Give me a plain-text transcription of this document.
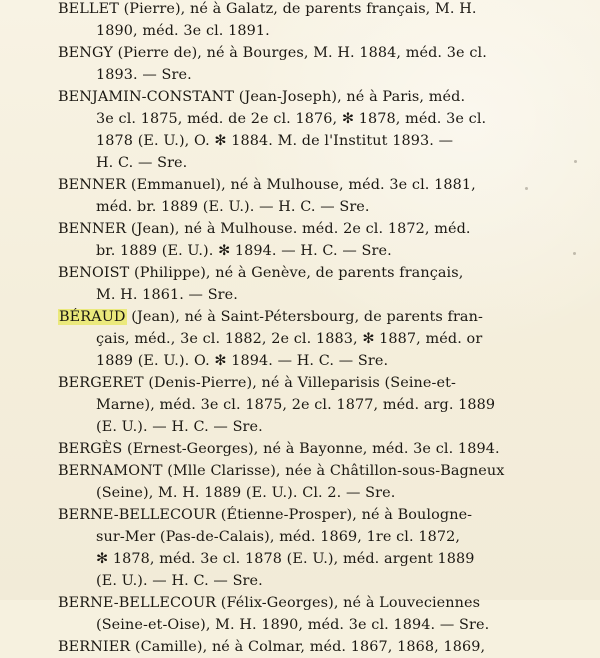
BELLET (Pierre), né à Galatz, de parents français, M. H.
1890, méd. 3e cl. 1891.

BENGY (Pierre de), né à Bourges, M. H. 1884, méd. 3e cl.
1893. — Sre.

BENJAMIN-CONSTANT (Jean-Joseph), né à Paris, méd.
3e cl. 1875, méd. de 2e cl. 1876, ✻ 1878, méd. 3e cl.
1878 (E. U.), O. ✻ 1884. M. de l'Institut 1893. —
H. C. — Sre.

BENNER (Emmanuel), né à Mulhouse, méd. 3e cl. 1881,
méd. br. 1889 (E. U.). — H. C. — Sre.

BENNER (Jean), né à Mulhouse. méd. 2e cl. 1872, méd.
br. 1889 (E. U.). ✻ 1894. — H. C. — Sre.

BENOIST (Philippe), né à Genève, de parents français,
M. H. 1861. — Sre.

BÉRAUD (Jean), né à Saint-Pétersbourg, de parents fran-
çais, méd., 3e cl. 1882, 2e cl. 1883, ✻ 1887, méd. or
1889 (E. U.). O. ✻ 1894. — H. C. — Sre.

BERGERET (Denis-Pierre), né à Villeparisis (Seine-et-
Marne), méd. 3e cl. 1875, 2e cl. 1877, méd. arg. 1889
(E. U.). — H. C. — Sre.

BERGÈS (Ernest-Georges), né à Bayonne, méd. 3e cl. 1894.

BERNAMONT (Mlle Clarisse), née à Châtillon-sous-Bagneux
(Seine), M. H. 1889 (E. U.). Cl. 2. — Sre.

BERNE-BELLECOUR (Étienne-Prosper), né à Boulogne-
sur-Mer (Pas-de-Calais), méd. 1869, 1re cl. 1872,
✻ 1878, méd. 3e cl. 1878 (E. U.), méd. argent 1889
(E. U.). — H. C. — Sre.

BERNE-BELLECOUR (Félix-Georges), né à Louveciennes
(Seine-et-Oise), M. H. 1890, méd. 3e cl. 1894. — Sre.

BERNIER (Camille), né à Colmar, méd. 1867, 1868, 1869,
